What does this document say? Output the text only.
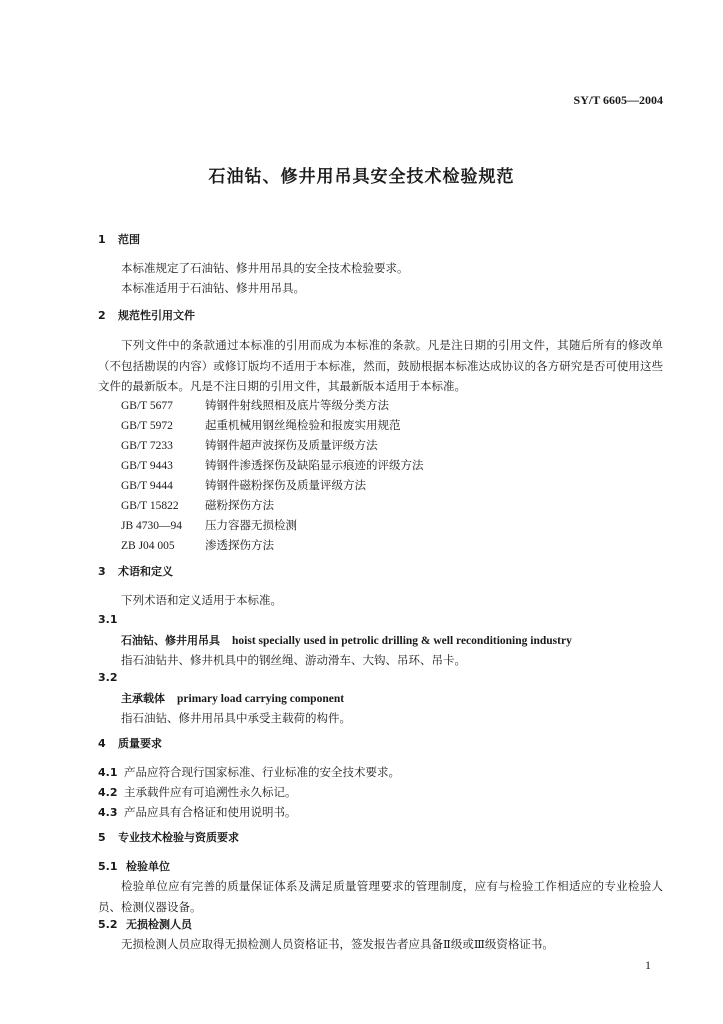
SY/T 6605—2004
石油钻、修井用吊具安全技术检验规范
1 范围
本标准规定了石油钻、修井用吊具的安全技术检验要求。
本标准适用于石油钻、修井用吊具。
2 规范性引用文件
下列文件中的条款通过本标准的引用而成为本标准的条款。凡是注日期的引用文件，其随后所有的修改单（不包括勘误的内容）或修订版均不适用于本标准，然而，鼓励根据本标准达成协议的各方研究是否可使用这些文件的最新版本。凡是不注日期的引用文件，其最新版本适用于本标准。
GB/T 5677	铸钢件射线照相及底片等级分类方法
GB/T 5972	起重机械用钢丝绳检验和报废实用规范
GB/T 7233	铸钢件超声波探伤及质量评级方法
GB/T 9443	铸钢件渗透探伤及缺陷显示痕迹的评级方法
GB/T 9444	铸钢件磁粉探伤及质量评级方法
GB/T 15822 磁粉探伤方法
JB 4730—94 压力容器无损检测
ZB J04 005	渗透探伤方法
3 术语和定义
下列术语和定义适用于本标准。
3.1
石油钻、修井用吊具 hoist specially used in petrolic drilling & well reconditioning industry
指石油钻井、修井机具中的钢丝绳、游动滑车、大钩、吊环、吊卡。
3.2
主承载体 primary load carrying component
指石油钻、修井用吊具中承受主载荷的构件。
4 质量要求
4.1 产品应符合现行国家标准、行业标准的安全技术要求。
4.2 主承载件应有可追溯性永久标记。
4.3 产品应具有合格证和使用说明书。
5 专业技术检验与资质要求
5.1 检验单位
检验单位应有完善的质量保证体系及满足质量管理要求的管理制度，应有与检验工作相适应的专业检验人员、检测仪器设备。
5.2 无损检测人员
无损检测人员应取得无损检测人员资格证书，签发报告者应具备Ⅱ级或Ⅲ级资格证书。
1
